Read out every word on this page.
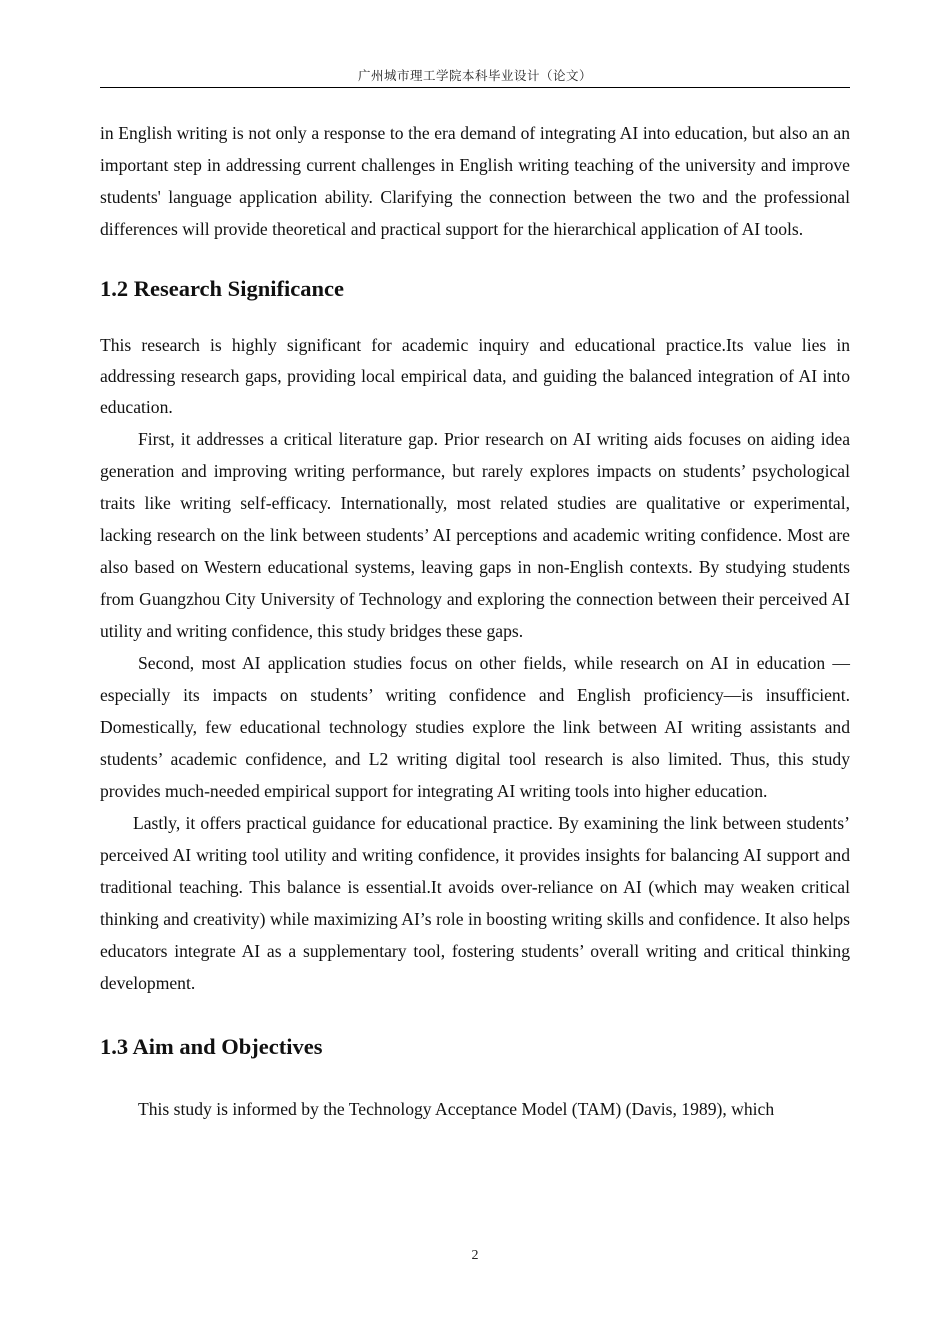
广州城市理工学院本科毕业设计（论文）

in English writing is not only a response to the era demand of integrating AI into education, but also an an important step in addressing current challenges in English writing teaching of the university and improve students' language application ability. Clarifying the connection between the two and the professional differences will provide theoretical and practical support for the hierarchical application of AI tools.

1.2 Research Significance

This research is highly significant for academic inquiry and educational practice.Its value lies in addressing research gaps, providing local empirical data, and guiding the balanced integration of AI into education.

First, it addresses a critical literature gap. Prior research on AI writing aids focuses on aiding idea generation and improving writing performance, but rarely explores impacts on students’ psychological traits like writing self-efficacy. Internationally, most related studies are qualitative or experimental, lacking research on the link between students’ AI perceptions and academic writing confidence. Most are also based on Western educational systems, leaving gaps in non-English contexts. By studying students from Guangzhou City University of Technology and exploring the connection between their perceived AI utility and writing confidence, this study bridges these gaps.

Second, most AI application studies focus on other fields, while research on AI in education —especially its impacts on students’ writing confidence and English proficiency—is insufficient. Domestically, few educational technology studies explore the link between AI writing assistants and students’ academic confidence, and L2 writing digital tool research is also limited. Thus, this study provides much-needed empirical support for integrating AI writing tools into higher education.

Lastly, it offers practical guidance for educational practice. By examining the link between students’ perceived AI writing tool utility and writing confidence, it provides insights for balancing AI support and traditional teaching. This balance is essential.It avoids over-reliance on AI (which may weaken critical thinking and creativity) while maximizing AI’s role in boosting writing skills and confidence. It also helps educators integrate AI as a supplementary tool, fostering students’ overall writing and critical thinking development.

1.3 Aim and Objectives

This study is informed by the Technology Acceptance Model (TAM) (Davis, 1989), which

2
